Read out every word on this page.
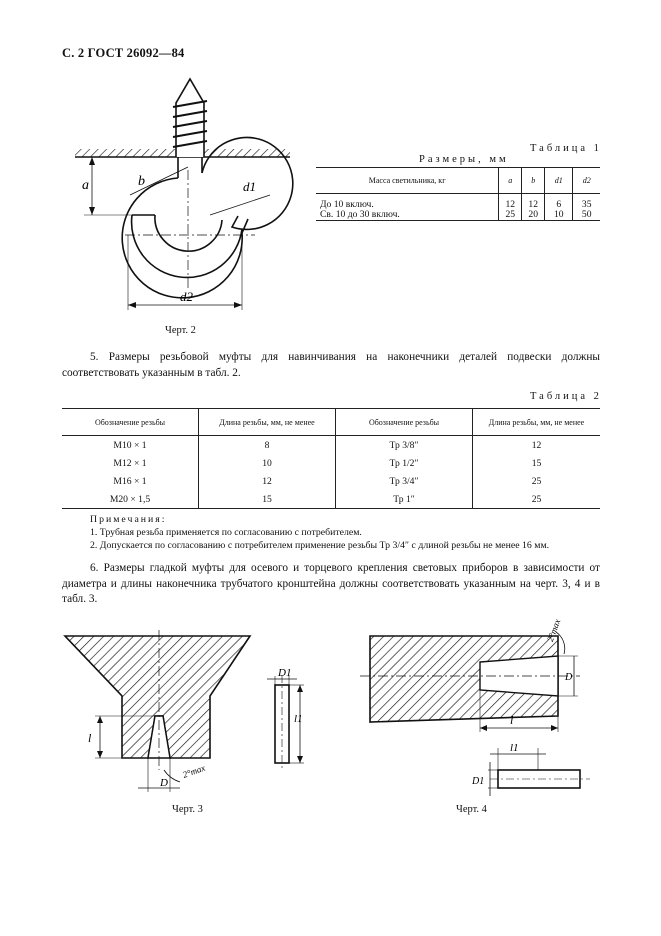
С. 2 ГОСТ 26092—84
a	b	d1
d2
Черт. 2
Таблица 1
Размеры, мм
Масса светильника, кг	a	b	d1	d2
До 10 включ.	12	12	6	35
Св. 10 до 30 включ.	25	20	10	50
5. Размеры резьбовой муфты для навинчивания на наконечники деталей подвески должны соответствовать указанным в табл. 2.
Таблица 2
Обозначение резьбы	Длина резьбы, мм, не менее	Обозначение резьбы	Длина резьбы, мм, не менее
M10 × 1	8	Тр 3/8″	12
M12 × 1	10	Тр 1/2″	15
M16 × 1	12	Тр 3/4″	25
M20 × 1,5	15	Тр 1″	25
Примечания:
1. Трубная резьба применяется по согласованию с потребителем.
2. Допускается по согласованию с потребителем применение резьбы Тр 3/4″ с длиной резьбы не менее 16 мм.
6. Размеры гладкой муфты для осевого и торцевого крепления световых приборов в зависимости от диаметра и длины наконечника трубчатого кронштейна должны соответствовать указанным на черт. 3, 4 и в табл. 3.
l
D
2°max
D1
l1
Черт. 3
2°max
D
l
l1
D1
Черт. 4
